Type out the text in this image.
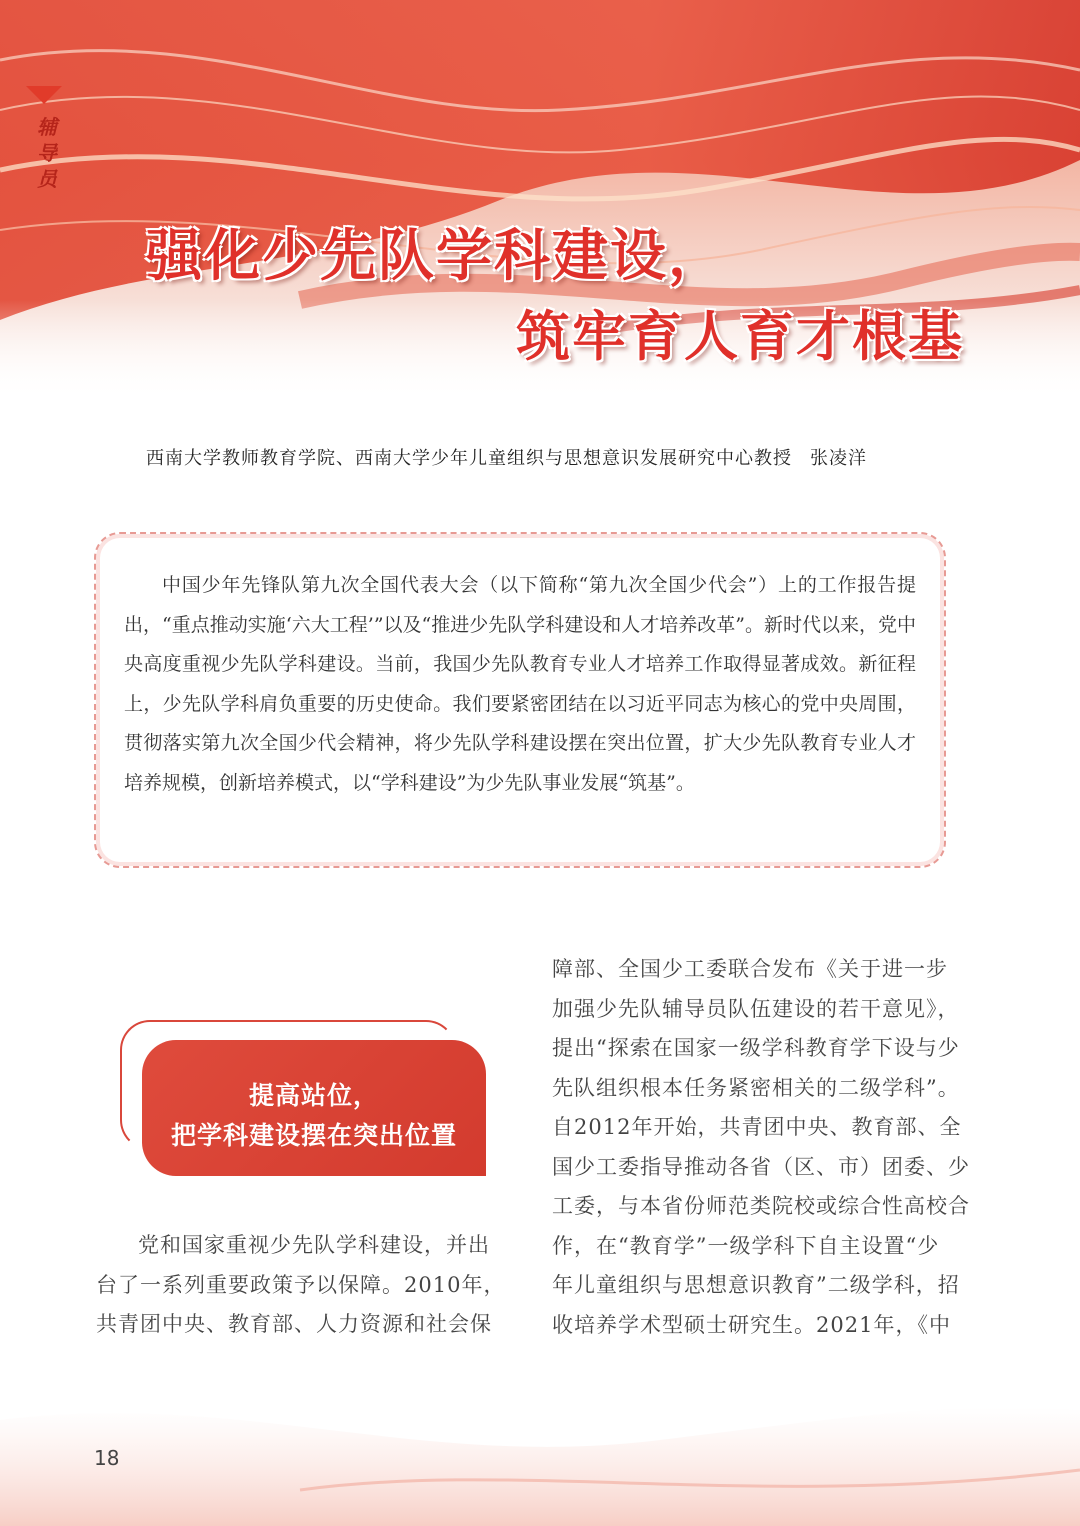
辅导员
强化少先队学科建设，
筑牢育人育才根基
西南大学教师教育学院、西南大学少年儿童组织与思想意识发展研究中心教授 张凌洋
中国少年先锋队第九次全国代表大会（以下简称“第九次全国少代会”）上的工作报告提出，“重点推动实施‘六大工程’”以及“推进少先队学科建设和人才培养改革”。新时代以来，党中央高度重视少先队学科建设。当前，我国少先队教育专业人才培养工作取得显著成效。新征程上，少先队学科肩负重要的历史使命。我们要紧密团结在以习近平同志为核心的党中央周围，贯彻落实第九次全国少代会精神，将少先队学科建设摆在突出位置，扩大少先队教育专业人才培养规模，创新培养模式，以“学科建设”为少先队事业发展“筑基”。
提高站位，
把学科建设摆在突出位置
党和国家重视少先队学科建设，并出
台了一系列重要政策予以保障。2010年，
共青团中央、教育部、人力资源和社会保
障部、全国少工委联合发布《关于进一步
加强少先队辅导员队伍建设的若干意见》，
提出“探索在国家一级学科教育学下设与少
先队组织根本任务紧密相关的二级学科”。
自2012年开始，共青团中央、教育部、全
国少工委指导推动各省（区、市）团委、少
工委，与本省份师范类院校或综合性高校合
作，在“教育学”一级学科下自主设置“少
年儿童组织与思想意识教育”二级学科，招
收培养学术型硕士研究生。2021年，《中
18
